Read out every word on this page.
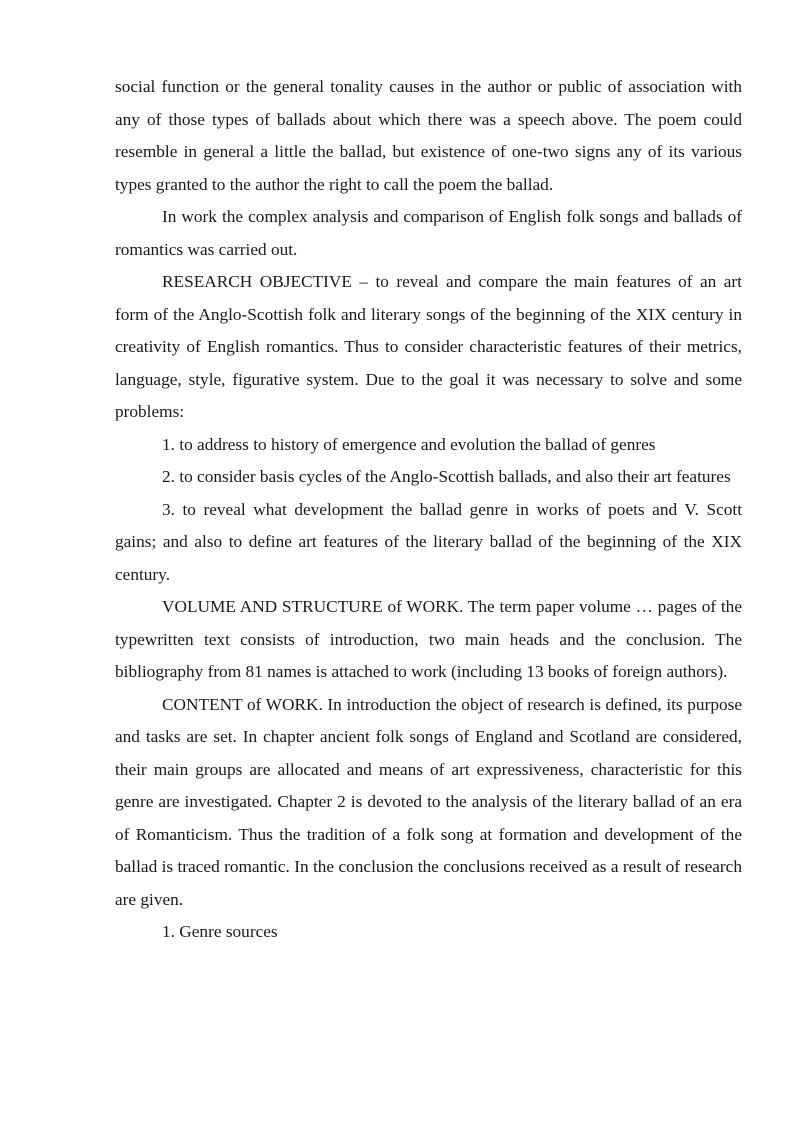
social function or the general tonality causes in the author or public of association with any of those types of ballads about which there was a speech above. The poem could resemble in general a little the ballad, but existence of one-two signs any of its various types granted to the author the right to call the poem the ballad.

In work the complex analysis and comparison of English folk songs and ballads of romantics was carried out.

RESEARCH OBJECTIVE – to reveal and compare the main features of an art form of the Anglo-Scottish folk and literary songs of the beginning of the XIX century in creativity of English romantics. Thus to consider characteristic features of their metrics, language, style, figurative system. Due to the goal it was necessary to solve and some problems:

1. to address to history of emergence and evolution the ballad of genres

2. to consider basis cycles of the Anglo-Scottish ballads, and also their art features

3. to reveal what development the ballad genre in works of poets and V. Scott gains; and also to define art features of the literary ballad of the beginning of the XIX century.

VOLUME AND STRUCTURE of WORK. The term paper volume … pages of the typewritten text consists of introduction, two main heads and the conclusion. The bibliography from 81 names is attached to work (including 13 books of foreign authors).

CONTENT of WORK. In introduction the object of research is defined, its purpose and tasks are set. In chapter ancient folk songs of England and Scotland are considered, their main groups are allocated and means of art expressiveness, characteristic for this genre are investigated. Chapter 2 is devoted to the analysis of the literary ballad of an era of Romanticism. Thus the tradition of a folk song at formation and development of the ballad is traced romantic. In the conclusion the conclusions received as a result of research are given.

1. Genre sources
